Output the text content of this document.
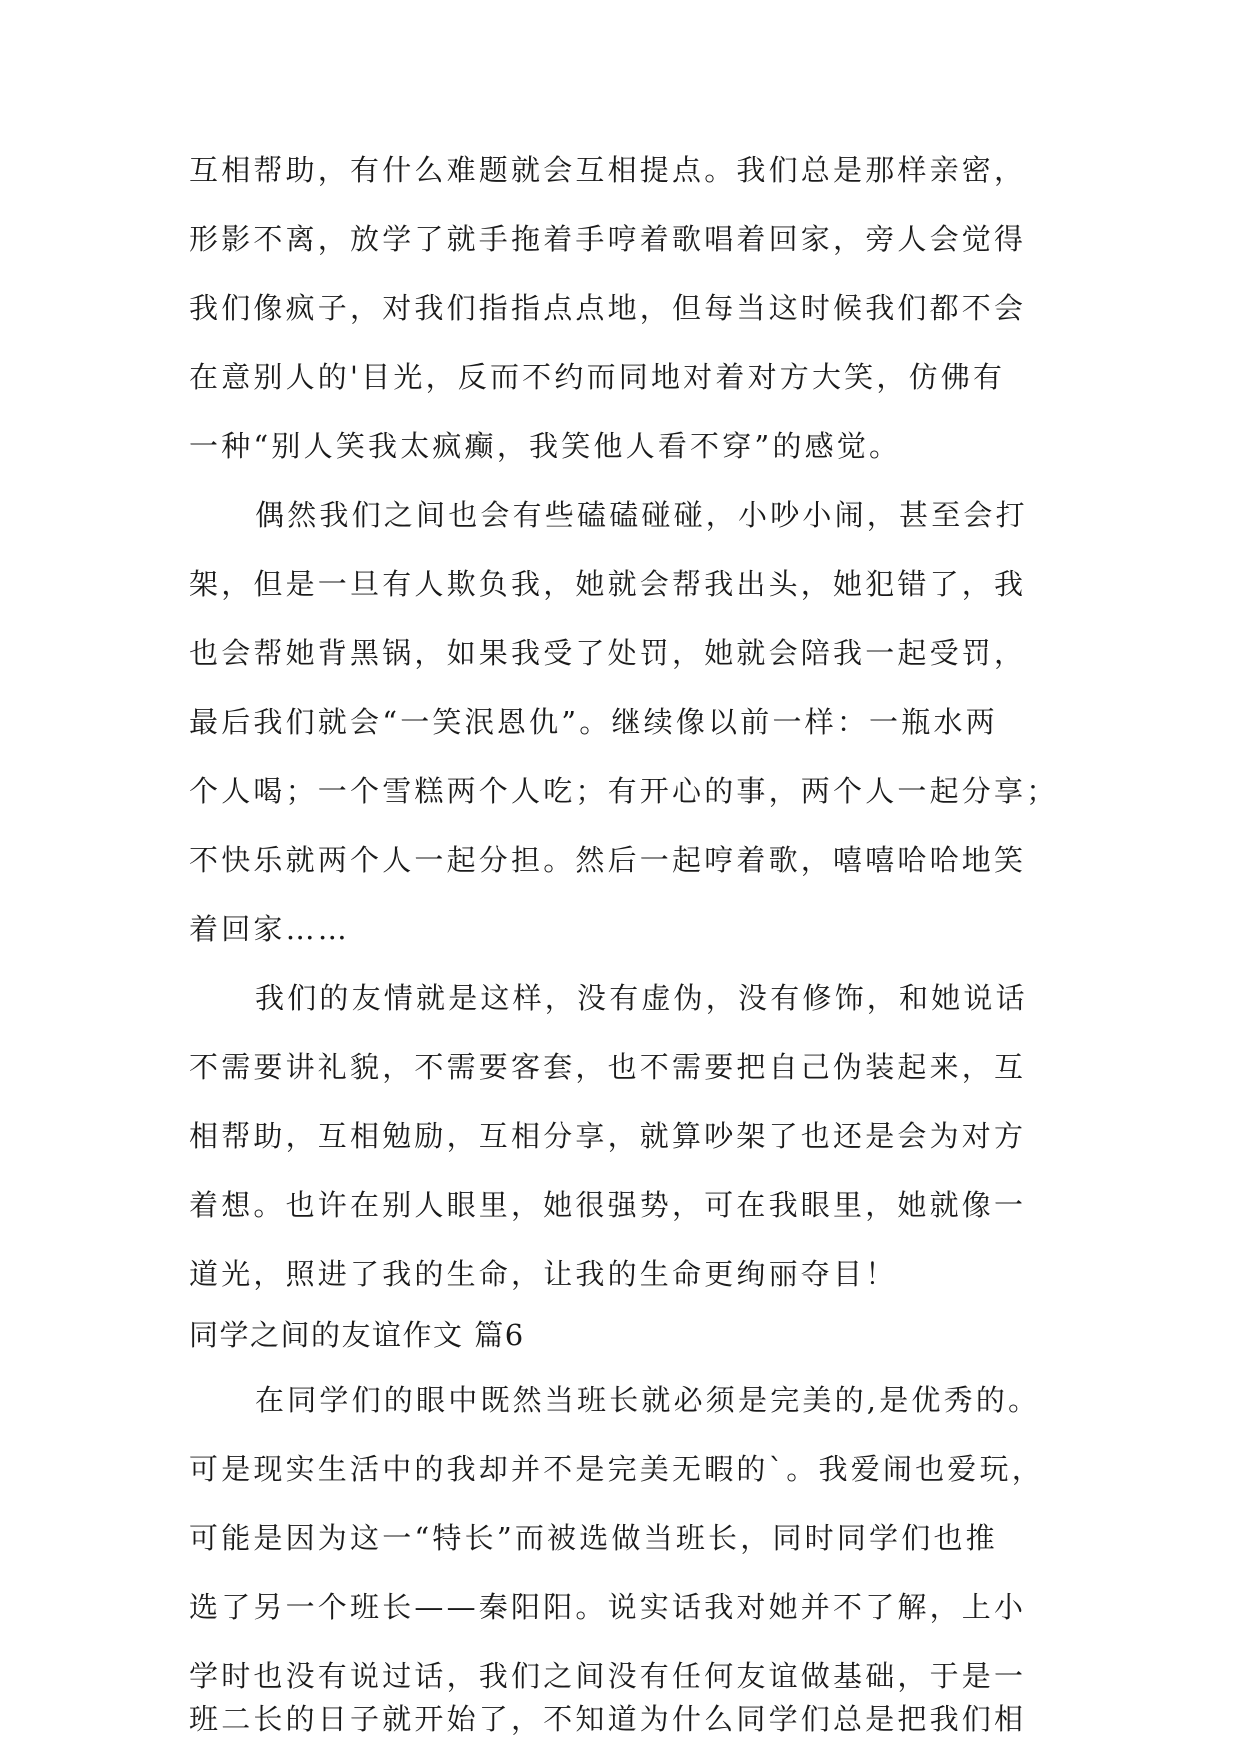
互相帮助，有什么难题就会互相提点。我们总是那样亲密，
形影不离，放学了就手拖着手哼着歌唱着回家，旁人会觉得
我们像疯子，对我们指指点点地，但每当这时候我们都不会
在意别人的'目光，反而不约而同地对着对方大笑，仿佛有
一种“别人笑我太疯癫，我笑他人看不穿”的感觉。
偶然我们之间也会有些磕磕碰碰，小吵小闹，甚至会打
架，但是一旦有人欺负我，她就会帮我出头，她犯错了，我
也会帮她背黑锅，如果我受了处罚，她就会陪我一起受罚，
最后我们就会“一笑泯恩仇”。继续像以前一样：一瓶水两
个人喝；一个雪糕两个人吃；有开心的事，两个人一起分享；
不快乐就两个人一起分担。然后一起哼着歌，嘻嘻哈哈地笑
着回家……
我们的友情就是这样，没有虚伪，没有修饰，和她说话
不需要讲礼貌，不需要客套，也不需要把自己伪装起来，互
相帮助，互相勉励，互相分享，就算吵架了也还是会为对方
着想。也许在别人眼里，她很强势，可在我眼里，她就像一
道光，照进了我的生命，让我的生命更绚丽夺目！
同学之间的友谊作文 篇6
在同学们的眼中既然当班长就必须是完美的,是优秀的。
可是现实生活中的我却并不是完美无暇的`。我爱闹也爱玩，
可能是因为这一“特长”而被选做当班长，同时同学们也推
选了另一个班长——秦阳阳。说实话我对她并不了解，上小
学时也没有说过话，我们之间没有任何友谊做基础，于是一
班二长的日子就开始了，不知道为什么同学们总是把我们相
